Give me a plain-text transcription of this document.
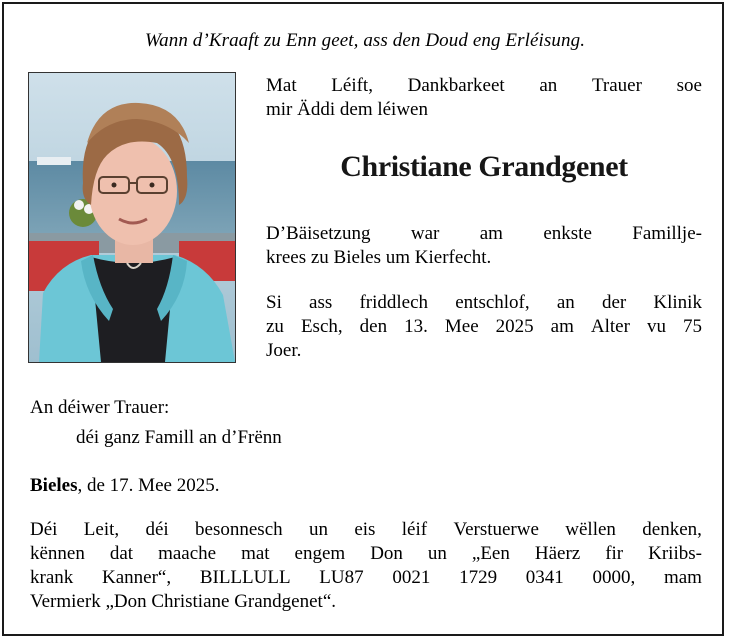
Wann d’Kraaft zu Enn geet, ass den Doud eng Erléisung.
Mat Léift, Dankbarkeet an Trauer soe
mir Äddi dem léiwen
Christiane Grandgenet
D’Bäisetzung war am enkste Familljе-
krees zu Bieles um Kierfecht.
Si ass friddlech entschlof, an der Klinik
zu Esch, den 13. Mee 2025 am Alter vu 75
Joer.
An déiwer Trauer:
déi ganz Famill an d’Frënn
Bieles, de 17. Mee 2025.
Déi Leit, déi besonnesch un eis léif Verstuerwe wëllen denken,
kënnen dat maache mat engem Don un „Een Häerz fir Kriibs-
krank Kanner“, BILLLULL LU87 0021 1729 0341 0000, mam
Vermierk „Don Christiane Grandgenet“.
